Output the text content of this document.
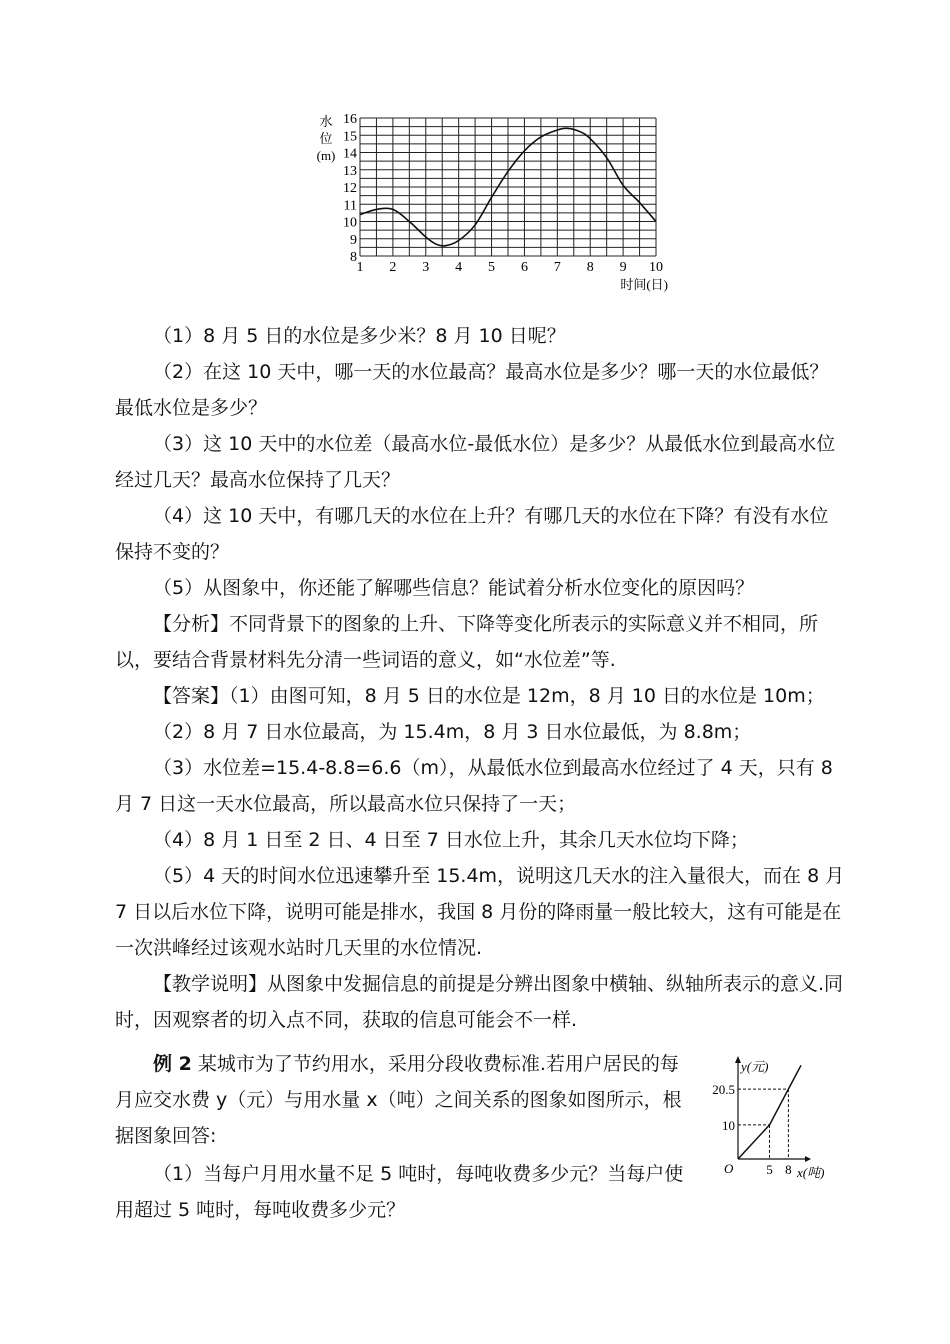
1 2 3 4 5 6 7 8 9 10
8
9
10
11
12
13
14
15
16
水
位
(m)
时间(日)

（1）8 月 5 日的水位是多少米？8 月 10 日呢？

（2）在这 10 天中，哪一天的水位最高？最高水位是多少？哪一天的水位最低？最低水位是多少？

（3）这 10 天中的水位差（最高水位-最低水位）是多少？从最低水位到最高水位经过几天？最高水位保持了几天？

（4）这 10 天中，有哪几天的水位在上升？有哪几天的水位在下降？有没有水位保持不变的？

（5）从图象中，你还能了解哪些信息？能试着分析水位变化的原因吗？

【分析】不同背景下的图象的上升、下降等变化所表示的实际意义并不相同，所以，要结合背景材料先分清一些词语的意义，如“水位差”等.

【答案】（1）由图可知，8 月 5 日的水位是 12m，8 月 10 日的水位是 10m；

（2）8 月 7 日水位最高，为 15.4m，8 月 3 日水位最低，为 8.8m；

（3）水位差=15.4-8.8=6.6（m），从最低水位到最高水位经过了 4 天，只有 8 月 7 日这一天水位最高，所以最高水位只保持了一天；

（4）8 月 1 日至 2 日、4 日至 7 日水位上升，其余几天水位均下降；

（5）4 天的时间水位迅速攀升至 15.4m，说明这几天水的注入量很大，而在 8 月 7 日以后水位下降，说明可能是排水，我国 8 月份的降雨量一般比较大，这有可能是在一次洪峰经过该观水站时几天里的水位情况.

【教学说明】从图象中发掘信息的前提是分辨出图象中横轴、纵轴所表示的意义.同时，因观察者的切入点不同，获取的信息可能会不一样.

例 2 某城市为了节约用水，采用分段收费标准.若用户居民的每月应交水费 y（元）与用水量 x（吨）之间关系的图象如图所示，根据图象回答:

（1）当每户月用水量不足 5 吨时，每吨收费多少元？当每户使用超过 5 吨时，每吨收费多少元？

y(元)
x(吨)
O	5 8
10
20.5
